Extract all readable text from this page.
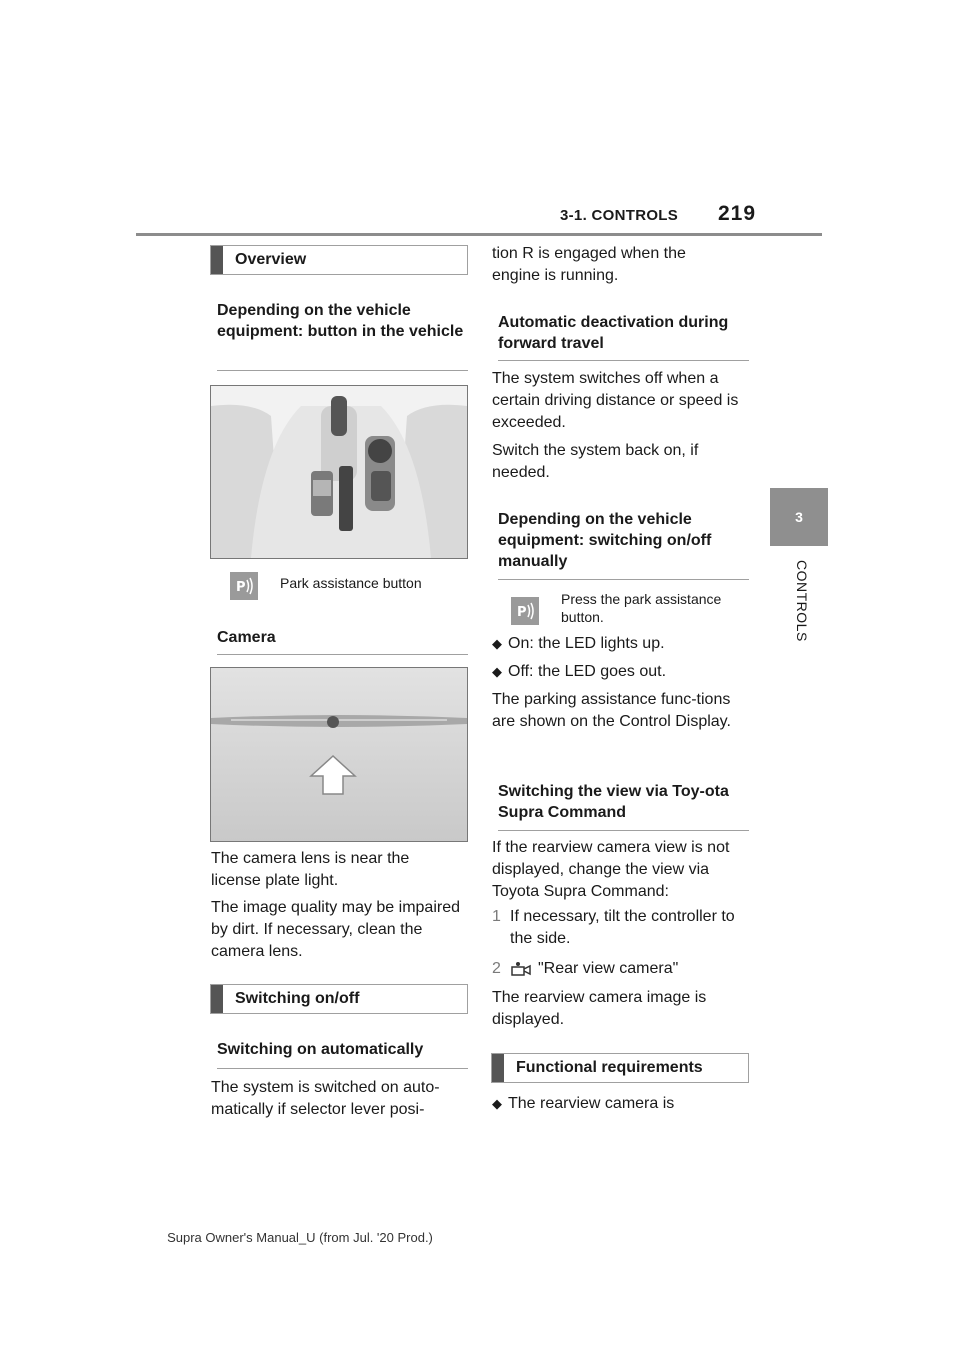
3-1. CONTROLS 219
3
CONTROLS
Overview
Depending on the vehicle equipment: button in the vehicle
P Park assistance button
Camera
The camera lens is near the license plate light.
The image quality may be impaired by dirt. If necessary, clean the camera lens.
Switching on/off
Switching on automatically
The system is switched on auto-matically if selector lever posi-
tion R is engaged when the engine is running.
Automatic deactivation during forward travel
The system switches off when a certain driving distance or speed is exceeded.
Switch the system back on, if needed.
Depending on the vehicle equipment: switching on/off manually
P
Press the park assistance button.
◆ On: the LED lights up.
◆ Off: the LED goes out.
The parking assistance func-tions are shown on the Control Display.
Switching the view via Toy-ota Supra Command
If the rearview camera view is not displayed, change the view via Toyota Supra Command:
1 If necessary, tilt the controller to the side.
2	"Rear view camera"
The rearview camera image is displayed.
Functional requirements
◆ The rearview camera is
Supra Owner's Manual_U (from Jul. '20 Prod.)
